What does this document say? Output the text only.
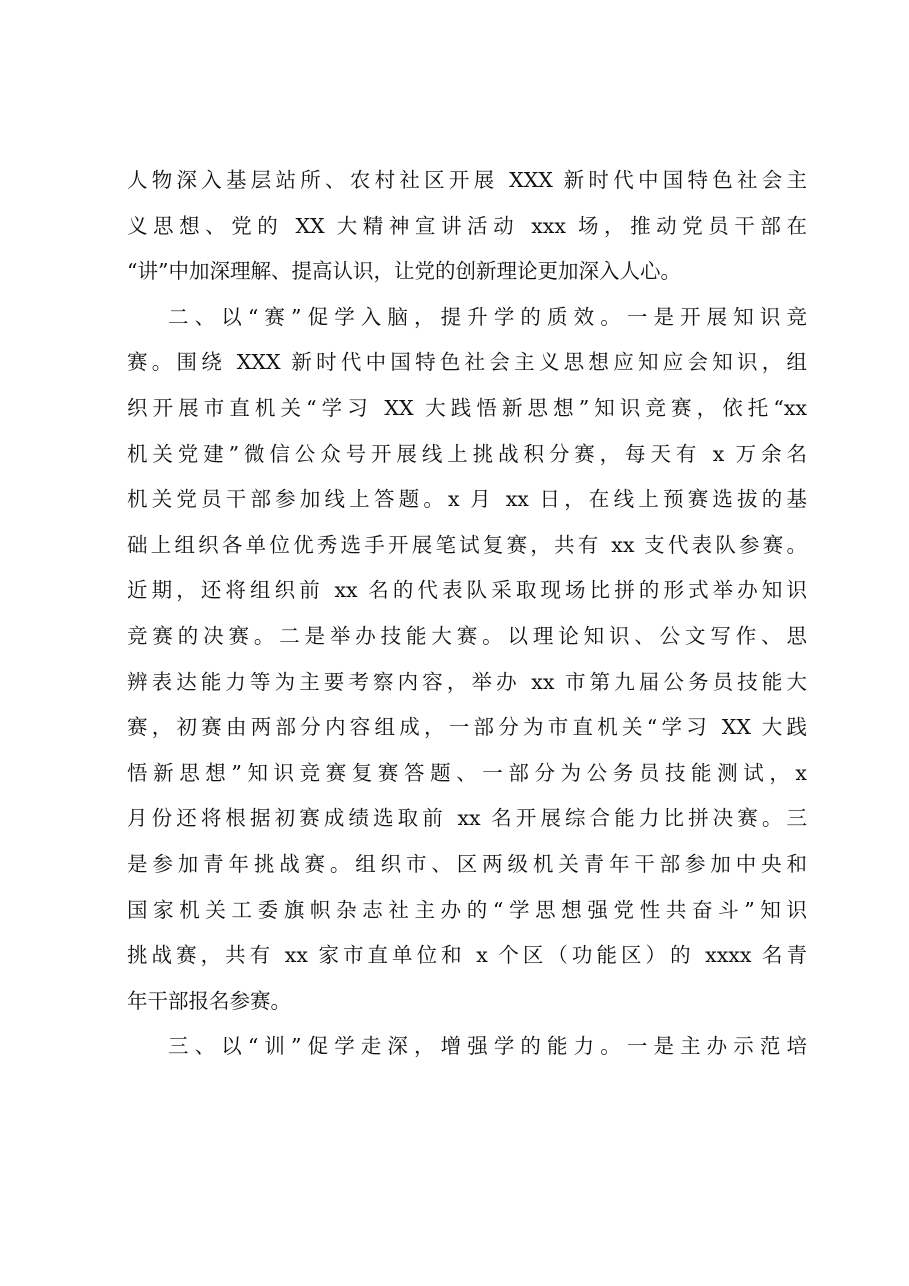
人物深入基层站所、农村社区开展 XXX 新时代中国特色社会主
义思想、党的 XX 大精神宣讲活动 xxx 场，推动党员干部在
“讲”中加深理解、提高认识，让党的创新理论更加深入人心。
二、以“赛”促学入脑，提升学的质效。一是开展知识竞
赛。围绕 XXX 新时代中国特色社会主义思想应知应会知识，组
织开展市直机关“学习 XX 大践悟新思想”知识竞赛，依托“xx
机关党建”微信公众号开展线上挑战积分赛，每天有 x 万余名
机关党员干部参加线上答题。x 月 xx 日，在线上预赛选拔的基
础上组织各单位优秀选手开展笔试复赛，共有 xx 支代表队参赛。
近期，还将组织前 xx 名的代表队采取现场比拼的形式举办知识
竞赛的决赛。二是举办技能大赛。以理论知识、公文写作、思
辨表达能力等为主要考察内容，举办 xx 市第九届公务员技能大
赛，初赛由两部分内容组成，一部分为市直机关“学习 XX 大践
悟新思想”知识竞赛复赛答题、一部分为公务员技能测试，x
月份还将根据初赛成绩选取前 xx 名开展综合能力比拼决赛。三
是参加青年挑战赛。组织市、区两级机关青年干部参加中央和
国家机关工委旗帜杂志社主办的“学思想强党性共奋斗”知识
挑战赛，共有 xx 家市直单位和 x 个区（功能区）的 xxxx 名青
年干部报名参赛。
三、以“训”促学走深，增强学的能力。一是主办示范培
